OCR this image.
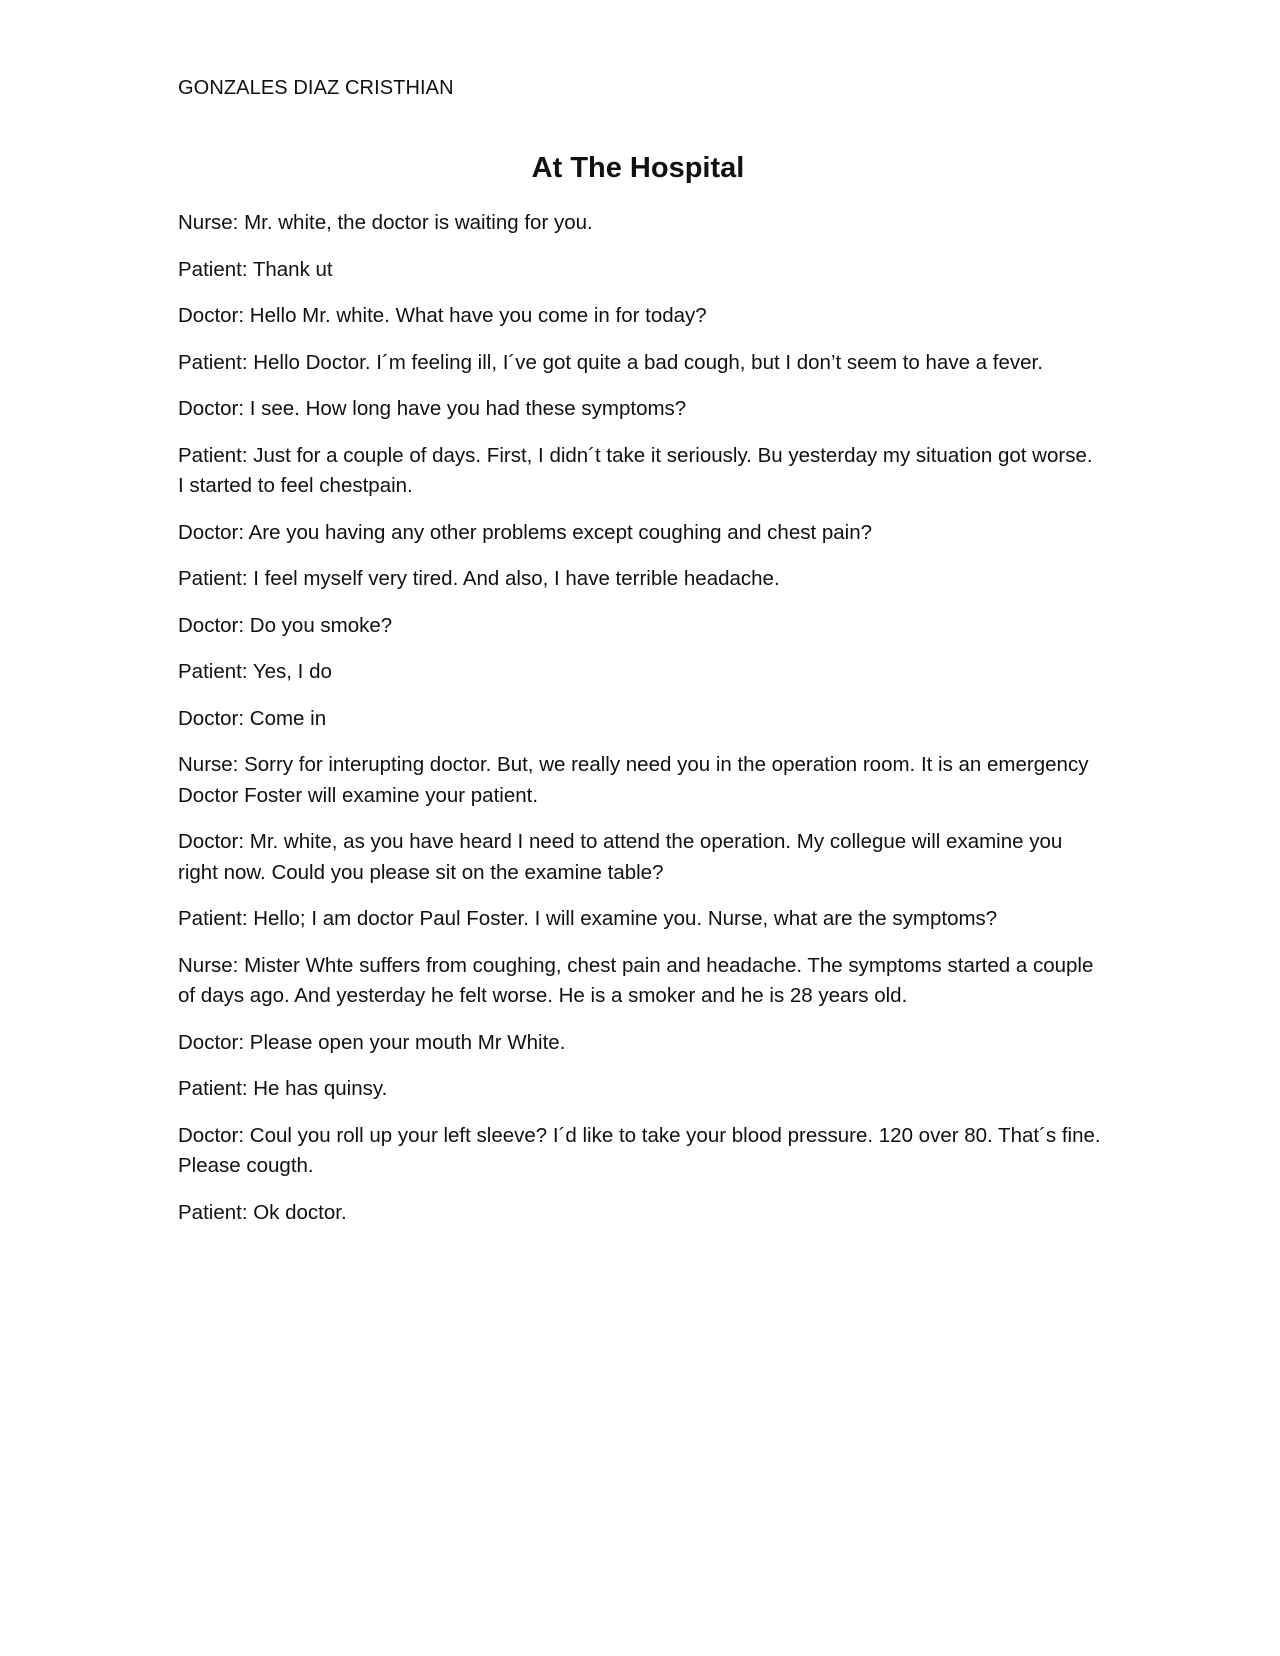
GONZALES DIAZ CRISTHIAN
At The Hospital

Nurse: Mr. white, the doctor is waiting for you.

Patient: Thank ut

Doctor: Hello Mr. white. What have you come in for today?

Patient: Hello Doctor. I´m feeling ill, I´ve got quite a bad cough, but I don’t seem to have a fever.

Doctor: I see. How long have you had these symptoms?

Patient: Just for a couple of days. First, I didn´t take it seriously. Bu yesterday my situation got worse. I started to feel chestpain.

Doctor: Are you having any other problems except coughing and chest pain?

Patient: I feel myself very tired. And also, I have terrible headache.

Doctor: Do you smoke?

Patient: Yes, I do

Doctor: Come in

Nurse: Sorry for interupting doctor. But, we really need you in the operation room. It is an emergency Doctor Foster will examine your patient.

Doctor: Mr. white, as you have heard I need to attend the operation. My collegue will examine you right now. Could you please sit on the examine table?

Patient: Hello; I am doctor Paul Foster. I will examine you. Nurse, what are the symptoms?

Nurse: Mister Whte suffers from coughing, chest pain and headache. The symptoms started a couple of days ago. And yesterday he felt worse. He is a smoker and he is 28 years old.

Doctor: Please open your mouth Mr White.

Patient: He has quinsy.

Doctor: Coul you roll up your left sleeve? I´d like to take your blood pressure. 120 over 80. That´s fine. Please cougth.

Patient: Ok doctor.
